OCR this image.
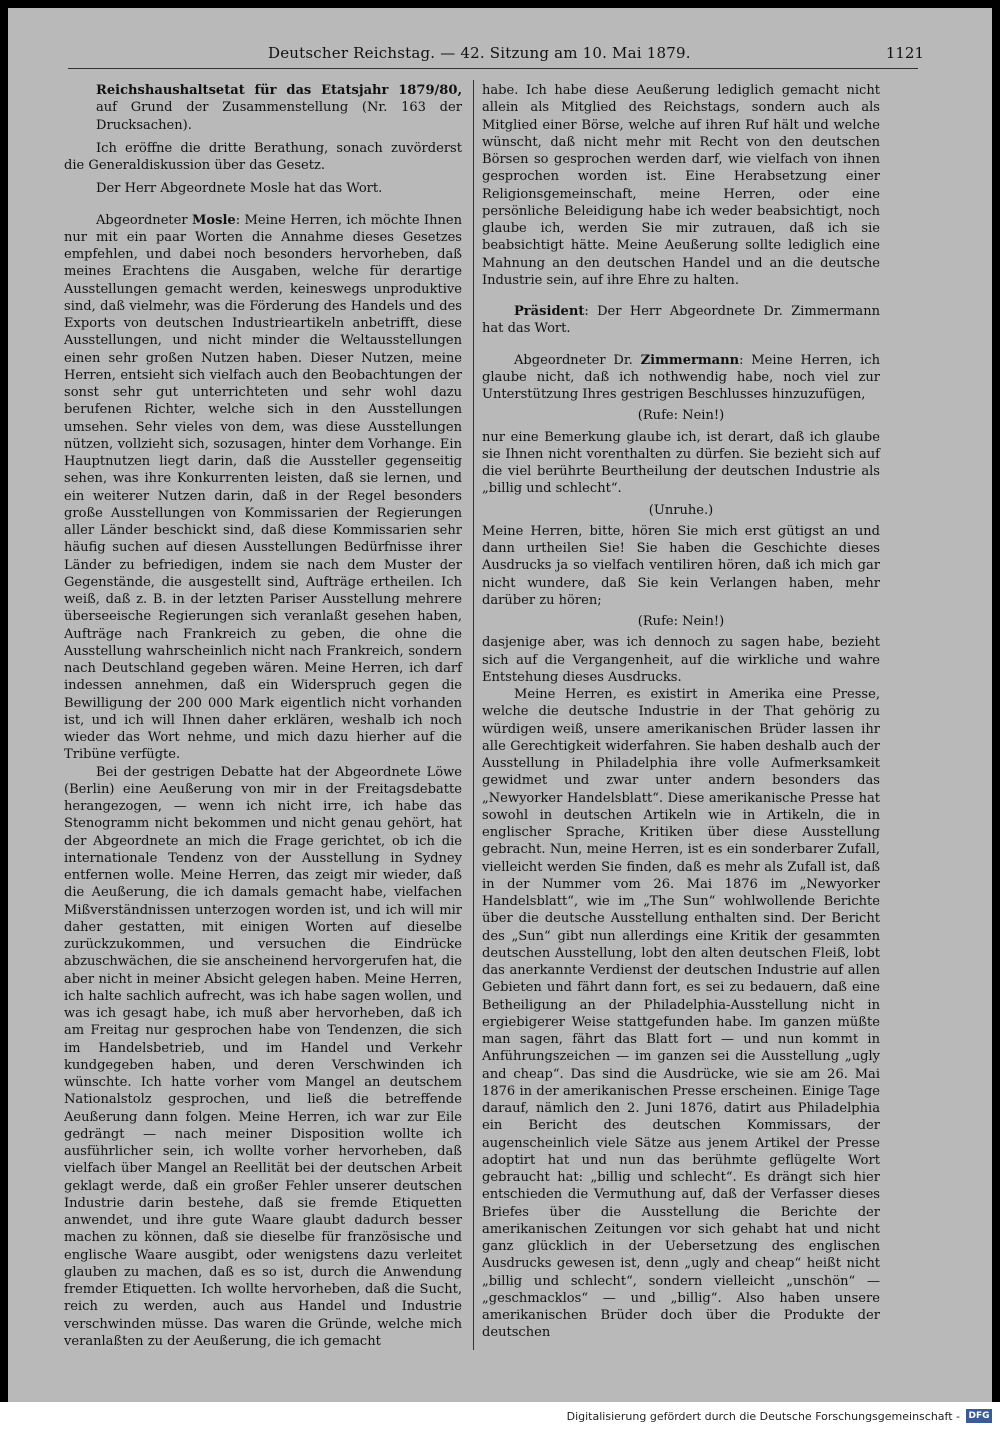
Deutscher Reichstag. — 42. Sitzung am 10. Mai 1879.	1121

Reichshaushaltsetat für das Etatsjahr 1879/80, auf Grund der Zusammenstellung (Nr. 163 der Drucksachen).

Ich eröffne die dritte Berathung, sonach zuvörderst die Generaldiskussion über das Gesetz.

Der Herr Abgeordnete Mosle hat das Wort.

Abgeordneter Mosle: Meine Herren, ich möchte Ihnen nur mit ein paar Worten die Annahme dieses Gesetzes empfehlen, und dabei noch besonders hervorheben, daß meines Erachtens die Ausgaben, welche für derartige Ausstellungen gemacht werden, keineswegs unproduktive sind, daß vielmehr, was die Förderung des Handels und des Exports von deutschen Industrieartikeln anbetrifft, diese Ausstellungen, und nicht minder die Weltausstellungen einen sehr großen Nutzen haben. Dieser Nutzen, meine Herren, entsieht sich vielfach auch den Beobachtungen der sonst sehr gut unterrichteten und sehr wohl dazu berufenen Richter, welche sich in den Ausstellungen umsehen. Sehr vieles von dem, was diese Ausstellungen nützen, vollzieht sich, sozusagen, hinter dem Vorhange. Ein Hauptnutzen liegt darin, daß die Aussteller gegenseitig sehen, was ihre Konkurrenten leisten, daß sie lernen, und ein weiterer Nutzen darin, daß in der Regel besonders große Ausstellungen von Kommissarien der Regierungen aller Länder beschickt sind, daß diese Kommissarien sehr häufig suchen auf diesen Ausstellungen Bedürfnisse ihrer Länder zu befriedigen, indem sie nach dem Muster der Gegenstände, die ausgestellt sind, Aufträge ertheilen. Ich weiß, daß z. B. in der letzten Pariser Ausstellung mehrere überseeische Regierungen sich veranlaßt gesehen haben, Aufträge nach Frankreich zu geben, die ohne die Ausstellung wahrscheinlich nicht nach Frankreich, sondern nach Deutschland gegeben wären. Meine Herren, ich darf indessen annehmen, daß ein Widerspruch gegen die Bewilligung der 200 000 Mark eigentlich nicht vorhanden ist, und ich will Ihnen daher erklären, weshalb ich noch wieder das Wort nehme, und mich dazu hierher auf die Tribüne verfügte.

Bei der gestrigen Debatte hat der Abgeordnete Löwe (Berlin) eine Aeußerung von mir in der Freitagsdebatte herangezogen, — wenn ich nicht irre, ich habe das Stenogramm nicht bekommen und nicht genau gehört, hat der Abgeordnete an mich die Frage gerichtet, ob ich die internationale Tendenz von der Ausstellung in Sydney entfernen wolle. Meine Herren, das zeigt mir wieder, daß die Aeußerung, die ich damals gemacht habe, vielfachen Mißverständnissen unterzogen worden ist, und ich will mir daher gestatten, mit einigen Worten auf dieselbe zurückzukommen, und versuchen die Eindrücke abzuschwächen, die sie anscheinend hervorgerufen hat, die aber nicht in meiner Absicht gelegen haben. Meine Herren, ich halte sachlich aufrecht, was ich habe sagen wollen, und was ich gesagt habe, ich muß aber hervorheben, daß ich am Freitag nur gesprochen habe von Tendenzen, die sich im Handelsbetrieb, und im Handel und Verkehr kundgegeben haben, und deren Verschwinden ich wünschte. Ich hatte vorher vom Mangel an deutschem Nationalstolz gesprochen, und ließ die betreffende Aeußerung dann folgen. Meine Herren, ich war zur Eile gedrängt — nach meiner Disposition wollte ich ausführlicher sein, ich wollte vorher hervorheben, daß vielfach über Mangel an Reellität bei der deutschen Arbeit geklagt werde, daß ein großer Fehler unserer deutschen Industrie darin bestehe, daß sie fremde Etiquetten anwendet, und ihre gute Waare glaubt dadurch besser machen zu können, daß sie dieselbe für französische und englische Waare ausgibt, oder wenigstens dazu verleitet glauben zu machen, daß es so ist, durch die Anwendung fremder Etiquetten. Ich wollte hervorheben, daß die Sucht, reich zu werden, auch aus Handel und Industrie verschwinden müsse. Das waren die Gründe, welche mich veranlaßten zu der Aeußerung, die ich gemacht

habe. Ich habe diese Aeußerung lediglich gemacht nicht allein als Mitglied des Reichstags, sondern auch als Mitglied einer Börse, welche auf ihren Ruf hält und welche wünscht, daß nicht mehr mit Recht von den deutschen Börsen so gesprochen werden darf, wie vielfach von ihnen gesprochen worden ist. Eine Herabsetzung einer Religionsgemeinschaft, meine Herren, oder eine persönliche Beleidigung habe ich weder beabsichtigt, noch glaube ich, werden Sie mir zutrauen, daß ich sie beabsichtigt hätte. Meine Aeußerung sollte lediglich eine Mahnung an den deutschen Handel und an die deutsche Industrie sein, auf ihre Ehre zu halten.

Präsident: Der Herr Abgeordnete Dr. Zimmermann hat das Wort.

Abgeordneter Dr. Zimmermann: Meine Herren, ich glaube nicht, daß ich nothwendig habe, noch viel zur Unterstützung Ihres gestrigen Beschlusses hinzuzufügen,

(Rufe: Nein!)

nur eine Bemerkung glaube ich, ist derart, daß ich glaube sie Ihnen nicht vorenthalten zu dürfen. Sie bezieht sich auf die viel berührte Beurtheilung der deutschen Industrie als „billig und schlecht“.

(Unruhe.)

Meine Herren, bitte, hören Sie mich erst gütigst an und dann urtheilen Sie! Sie haben die Geschichte dieses Ausdrucks ja so vielfach ventiliren hören, daß ich mich gar nicht wundere, daß Sie kein Verlangen haben, mehr darüber zu hören;

(Rufe: Nein!)

dasjenige aber, was ich dennoch zu sagen habe, bezieht sich auf die Vergangenheit, auf die wirkliche und wahre Entstehung dieses Ausdrucks.

Meine Herren, es existirt in Amerika eine Presse, welche die deutsche Industrie in der That gehörig zu würdigen weiß, unsere amerikanischen Brüder lassen ihr alle Gerechtigkeit widerfahren. Sie haben deshalb auch der Ausstellung in Philadelphia ihre volle Aufmerksamkeit gewidmet und zwar unter andern besonders das „Newyorker Handelsblatt“. Diese amerikanische Presse hat sowohl in deutschen Artikeln wie in Artikeln, die in englischer Sprache, Kritiken über diese Ausstellung gebracht. Nun, meine Herren, ist es ein sonderbarer Zufall, vielleicht werden Sie finden, daß es mehr als Zufall ist, daß in der Nummer vom 26. Mai 1876 im „Newyorker Handelsblatt“, wie im „The Sun“ wohlwollende Berichte über die deutsche Ausstellung enthalten sind. Der Bericht des „Sun“ gibt nun allerdings eine Kritik der gesammten deutschen Ausstellung, lobt den alten deutschen Fleiß, lobt das anerkannte Verdienst der deutschen Industrie auf allen Gebieten und fährt dann fort, es sei zu bedauern, daß eine Betheiligung an der Philadelphia-Ausstellung nicht in ergiebigerer Weise stattgefunden habe. Im ganzen müßte man sagen, fährt das Blatt fort — und nun kommt in Anführungszeichen — im ganzen sei die Ausstellung „ugly and cheap“. Das sind die Ausdrücke, wie sie am 26. Mai 1876 in der amerikanischen Presse erscheinen. Einige Tage darauf, nämlich den 2. Juni 1876, datirt aus Philadelphia ein Bericht des deutschen Kommissars, der augenscheinlich viele Sätze aus jenem Artikel der Presse adoptirt hat und nun das berühmte geflügelte Wort gebraucht hat: „billig und schlecht“. Es drängt sich hier entschieden die Vermuthung auf, daß der Verfasser dieses Briefes über die Ausstellung die Berichte der amerikanischen Zeitungen vor sich gehabt hat und nicht ganz glücklich in der Uebersetzung des englischen Ausdrucks gewesen ist, denn „ugly and cheap“ heißt nicht „billig und schlecht“, sondern vielleicht „unschön“ — „geschmacklos“ — und „billig“. Also haben unsere amerikanischen Brüder doch über die Produkte der deutschen

Digitalisierung gefördert durch die Deutsche Forschungsgemeinschaft - DFG
